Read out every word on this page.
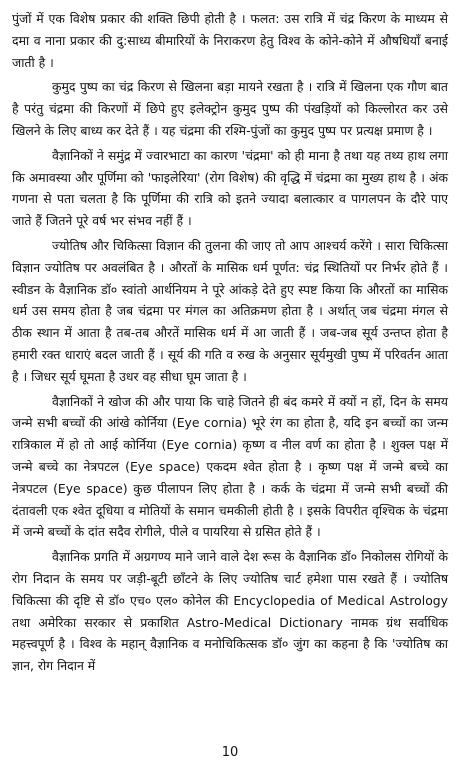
पुंजों में एक विशेष प्रकार की शक्ति छिपी होती है । फलत: उस रात्रि में चंद्र किरण के माध्यम से दमा व नाना प्रकार की दु:साध्य बीमारियों के निराकरण हेतु विश्व के कोने-कोने में औषधियाँ बनाई जाती है ।

कुमुद पुष्प का चंद्र किरण से खिलना बड़ा मायने रखता है । रात्रि में खिलना एक गौण बात है परंतु चंद्रमा की किरणों में छिपे हुए इलेक्ट्रोन कुमुद पुष्प की पंखड़ियों को किल्लोरत कर उसे खिलने के लिए बाध्य कर देते हैं । यह चंद्रमा की रश्मि-पुंजों का कुमुद पुष्प पर प्रत्यक्ष प्रमाण है ।

वैज्ञानिकों ने समुंद्र में ज्वारभाटा का कारण 'चंद्रमा' को ही माना है तथा यह तथ्य हाथ लगा कि अमावस्या और पूर्णिमा को 'फाइलेरिया' (रोग विशेष) की वृद्धि में चंद्रमा का मुख्य हाथ है । अंक गणना से पता चलता है कि पूर्णिमा की रात्रि को इतने ज्यादा बलात्कार व पागलपन के दौरे पाए जाते हैं जितने पूरे वर्ष भर संभव नहीं हैं ।

ज्योतिष और चिकित्सा विज्ञान की तुलना की जाए तो आप आश्चर्य करेंगे । सारा चिकित्सा विज्ञान ज्योतिष पर अवलंबित है । औरतों के मासिक धर्म पूर्णत: चंद्र स्थितियों पर निर्भर होते हैं । स्वीडन के वैज्ञानिक डॉ० स्वांतो आर्थनियम ने पूरे आंकड़े देते हुए स्पष्ट किया कि औरतों का मासिक धर्म उस समय होता है जब चंद्रमा पर मंगल का अतिक्रमण होता है । अर्थात् जब चंद्रमा मंगल से ठीक स्थान में आता है तब-तब औरतें मासिक धर्म में आ जाती हैं । जब-जब सूर्य उन्तप्त होता है हमारी रक्त धाराएं बदल जाती हैं । सूर्य की गति व रुख के अनुसार सूर्यमुखी पुष्प में परिवर्तन आता है । जिधर सूर्य घूमता है उधर वह सीधा घूम जाता है ।

वैज्ञानिकों ने खोज की और पाया कि चाहे जितने ही बंद कमरे में क्यों न हों, दिन के समय जन्मे सभी बच्चों की आंखे कोर्निया (Eye cornia) भूरे रंग का होता है, यदि इन बच्चों का जन्म रात्रिकाल में हो तो आई कोर्निया (Eye cornia) कृष्ण व नील वर्ण का होता है । शुक्ल पक्ष में जन्मे बच्चे का नेत्रपटल (Eye space) एकदम श्वेत होता है । कृष्ण पक्ष में जन्मे बच्चे का नेत्रपटल (Eye space) कुछ पीलापन लिए होता है । कर्क के चंद्रमा में जन्मे सभी बच्चों की दंतावली एक श्वेत दूधिया व मोतियों के समान चमकीली होती है । इसके विपरीत वृश्चिक के चंद्रमा में जन्मे बच्चों के दांत सदैव रोगीले, पीले व पायरिया से ग्रसित होते हैं ।

वैज्ञानिक प्रगति में अग्रगण्य माने जाने वाले देश रूस के वैज्ञानिक डॉ० निकोलस रोगियों के रोग निदान के समय पर जड़ी-बूटी छाँटने के लिए ज्योतिष चार्ट हमेशा पास रखते हैं । ज्योतिष चिकित्सा की दृष्टि से डॉ० एच० एल० कोनेल की Encyclopedia of Medical Astrology तथा अमेरिका सरकार से प्रकाशित Astro-Medical Dictionary नामक ग्रंथ सर्वाधिक महत्त्वपूर्ण है । विश्व के महान् वैज्ञानिक व मनोचिकित्सक डॉ० जुंग का कहना है कि 'ज्योतिष का ज्ञान, रोग निदान में

10
